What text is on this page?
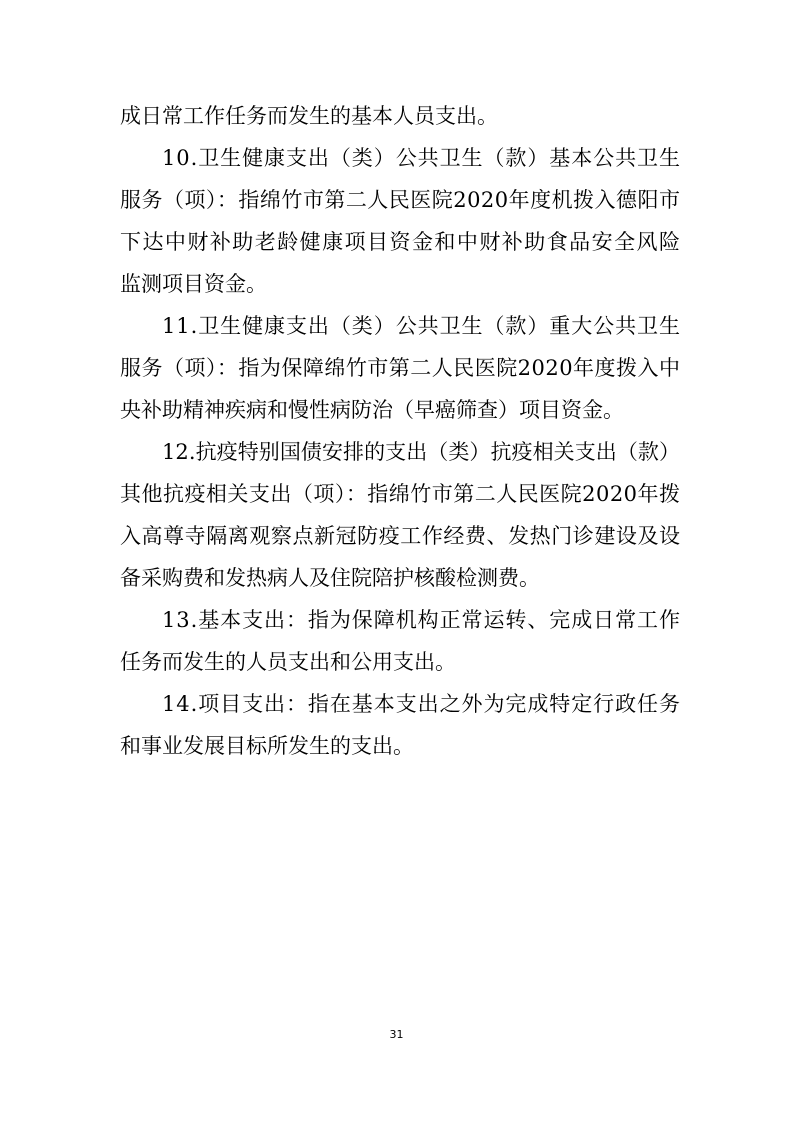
成日常工作任务而发生的基本人员支出。
10.卫生健康支出（类）公共卫生（款）基本公共卫生
服务（项）：指绵竹市第二人民医院2020年度机拨入德阳市
下达中财补助老龄健康项目资金和中财补助食品安全风险
监测项目资金。
11.卫生健康支出（类）公共卫生（款）重大公共卫生
服务（项）：指为保障绵竹市第二人民医院2020年度拨入中
央补助精神疾病和慢性病防治（早癌筛查）项目资金。
12.抗疫特别国债安排的支出（类）抗疫相关支出（款）
其他抗疫相关支出（项）：指绵竹市第二人民医院2020年拨
入高尊寺隔离观察点新冠防疫工作经费、发热门诊建设及设
备采购费和发热病人及住院陪护核酸检测费。
13.基本支出：指为保障机构正常运转、完成日常工作
任务而发生的人员支出和公用支出。
14.项目支出：指在基本支出之外为完成特定行政任务
和事业发展目标所发生的支出。
31
